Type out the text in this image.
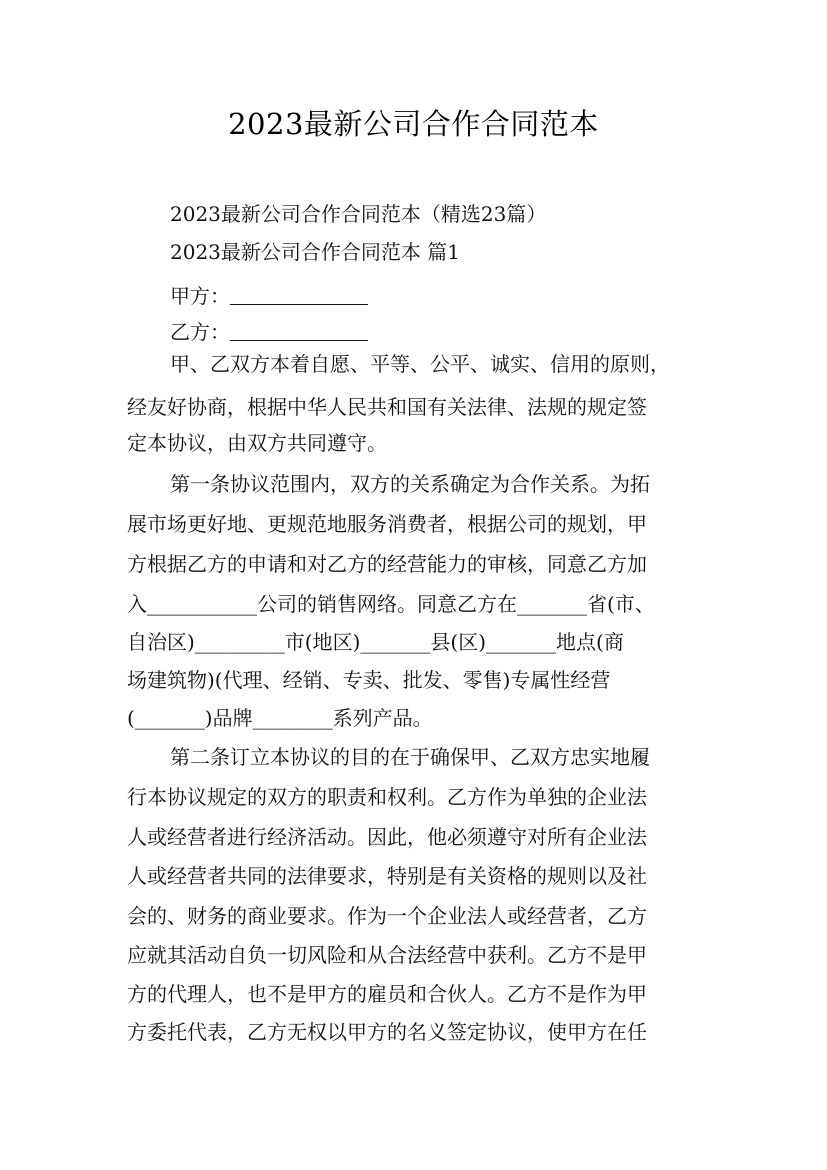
2023最新公司合作合同范本
2023最新公司合作合同范本（精选23篇）
2023最新公司合作合同范本 篇1
甲方：
乙方：
甲、乙双方本着自愿、平等、公平、诚实、信用的原则，
经友好协商，根据中华人民共和国有关法律、法规的规定签
定本协议，由双方共同遵守。
第一条协议范围内，双方的关系确定为合作关系。为拓
展市场更好地、更规范地服务消费者，根据公司的规划，甲
方根据乙方的申请和对乙方的经营能力的审核，同意乙方加
入___________公司的销售网络。同意乙方在_______省(市、
自治区)_________市(地区)_______县(区)_______地点(商
场建筑物)(代理、经销、专卖、批发、零售)专属性经营
(_______)品牌________系列产品。
第二条订立本协议的目的在于确保甲、乙双方忠实地履
行本协议规定的双方的职责和权利。乙方作为单独的企业法
人或经营者进行经济活动。因此，他必须遵守对所有企业法
人或经营者共同的法律要求，特别是有关资格的规则以及社
会的、财务的商业要求。作为一个企业法人或经营者，乙方
应就其活动自负一切风险和从合法经营中获利。乙方不是甲
方的代理人，也不是甲方的雇员和合伙人。乙方不是作为甲
方委托代表，乙方无权以甲方的名义签定协议，使甲方在任
